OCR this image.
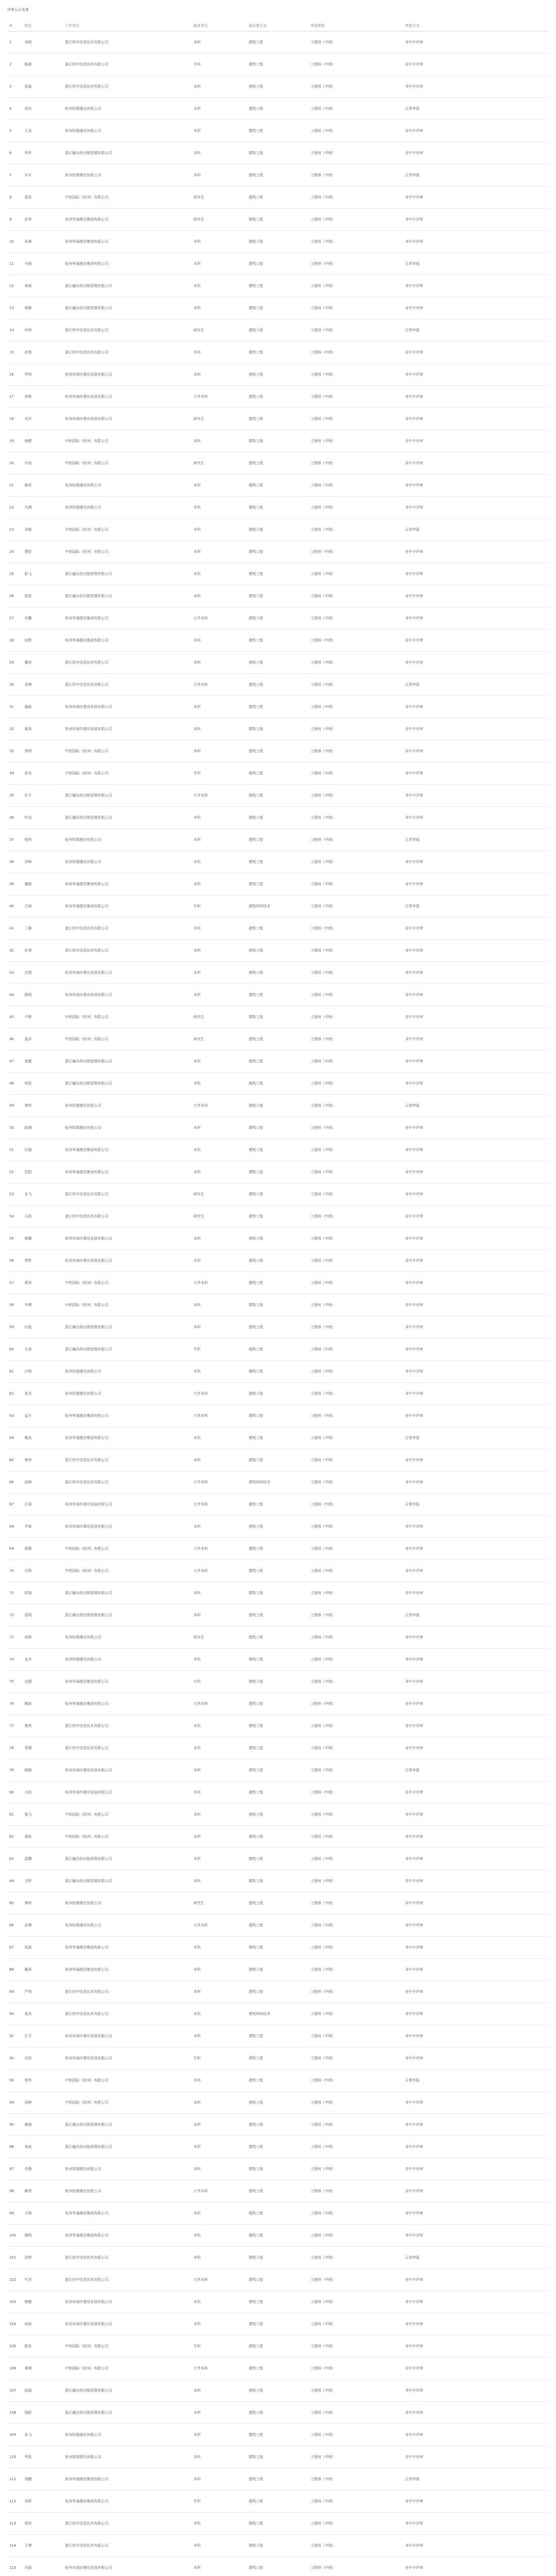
评审公示名单
#	姓名	工作单位	最高学历	现从事专业	申报职称	申报方式
1	刘明	浙江恒中信息技术有限公司	本科	建筑工程	工程师（中级）	非中介评审
2	陈超	浙江恒中信息技术有限公司	专科	建筑工程	工程师（中级）	非中介评审
3	张磊	浙江恒中信息技术有限公司	本科	建筑工程	工程师（中级）	非中介评审
4	周杰	杭州恒瑞建设有限公司	本科	建筑工程	工程师（中级）	正常申报
5	王涛	杭州恒瑞建设有限公司	本科	建筑工程	工程师（中级）	非中介评审
6	李军	浙江融达供应链管理有限公司	本科	建筑工程	工程师（中级）	非中介评审
7	吴平	杭州恒瑞建设有限公司	本科	建筑工程	工程师（中级）	正常申报
8	郑浩	中铝国际（杭州）有限公司	研究生	建筑工程	工程师（中级）	非中介评审
9	孙伟	杭州华通建设集团有限公司	研究生	建筑工程	工程师（中级）	非中介评审
10	朱峰	杭州华通建设集团有限公司	本科	建筑工程	工程师（中级）	非中介评审
11	马强	杭州华通建设集团有限公司	本科	建筑工程	工程师（中级）	正常申报
12	胡斌	浙江融达供应链管理有限公司	本科	建筑工程	工程师（中级）	非中介评审
13	林静	浙江融达供应链管理有限公司	本科	建筑工程	工程师（中级）	非中介评审
14	何勇	浙江恒中信息技术有限公司	研究生	建筑工程	工程师（中级）	正常申报
15	高翔	浙江恒中信息技术有限公司	本科	建筑工程	工程师（中级）	非中介评审
16	罗明	杭州市城市建设发展有限公司	本科	建筑工程	工程师（中级）	非中介评审
17	梁辉	杭州市城市建设发展有限公司	大学本科	建筑工程	工程师（中级）	非中介评审
18	宋洋	杭州市城市建设发展有限公司	研究生	建筑工程	工程师（中级）	非中介评审
19	唐健	中铝国际（杭州）有限公司	本科	建筑工程	工程师（中级）	非中介评审
20	许波	中铝国际（杭州）有限公司	研究生	建筑工程	工程师（中级）	非中介评审
21	韩亮	杭州恒瑞建设有限公司	本科	建筑工程	工程师（中级）	非中介评审
22	冯刚	杭州恒瑞建设有限公司	本科	建筑工程	工程师（中级）	非中介评审
23	邓超	中铝国际（杭州）有限公司	本科	建筑工程	工程师（中级）	正常申报
24	曹阳	中铝国际（杭州）有限公司	本科	建筑工程	工程师（中级）	非中介评审
25	彭飞	浙江融达供应链管理有限公司	本科	建筑工程	工程师（中级）	非中介评审
26	曾凯	浙江融达供应链管理有限公司	本科	建筑工程	工程师（中级）	非中介评审
27	肖鹏	杭州华通建设集团有限公司	大学本科	建筑工程	工程师（中级）	非中介评审
28	田野	杭州华通建设集团有限公司	本科	建筑工程	工程师（中级）	非中介评审
29	董帅	浙江恒中信息技术有限公司	本科	建筑工程	工程师（中级）	非中介评审
30	袁博	浙江恒中信息技术有限公司	大学本科	建筑工程	工程师（中级）	正常申报
31	潘磊	杭州市城市建设发展有限公司	本科	建筑工程	工程师（中级）	非中介评审
32	蒋涛	杭州市城市建设发展有限公司	本科	建筑工程	工程师（中级）	非中介评审
33	蔡明	中铝国际（杭州）有限公司	本科	建筑工程	工程师（中级）	非中介评审
34	余杰	中铝国际（杭州）有限公司	专科	建筑工程	工程师（中级）	非中介评审
35	杜平	浙江融达供应链管理有限公司	大学本科	建筑工程	工程师（中级）	非中介评审
36	叶浩	浙江融达供应链管理有限公司	本科	建筑工程	工程师（中级）	非中介评审
37	程伟	杭州恒瑞建设有限公司	本科	建筑工程	工程师（中级）	正常申报
38	苏峰	杭州恒瑞建设有限公司	本科	建筑工程	工程师（中级）	非中介评审
39	魏强	杭州华通建设集团有限公司	本科	建筑工程	工程师（中级）	非中介评审
40	吕斌	杭州华通建设集团有限公司	专科	建筑材料技术	工程师（中级）	正常申报
41	丁静	浙江恒中信息技术有限公司	本科	建筑工程	工程师（中级）	非中介评审
42	任勇	浙江恒中信息技术有限公司	本科	建筑工程	工程师（中级）	非中介评审
43	沈翔	杭州市城市建设发展有限公司	本科	建筑工程	工程师（中级）	非中介评审
44	姚明	杭州市城市建设发展有限公司	本科	建筑工程	工程师（中级）	非中介评审
45	卢辉	中铝国际（杭州）有限公司	研究生	建筑工程	工程师（中级）	非中介评审
46	姜洋	中铝国际（杭州）有限公司	研究生	建筑工程	工程师（中级）	非中介评审
47	崔健	浙江融达供应链管理有限公司	本科	建筑工程	工程师（中级）	非中介评审
48	钟波	浙江融达供应链管理有限公司	本科	建筑工程	工程师（中级）	非中介评审
49	谭亮	杭州恒瑞建设有限公司	大学本科	建筑工程	工程师（中级）	正常申报
50	陆刚	杭州恒瑞建设有限公司	本科	建筑工程	工程师（中级）	非中介评审
51	汪超	杭州华通建设集团有限公司	本科	建筑工程	工程师（中级）	非中介评审
52	范阳	杭州华通建设集团有限公司	本科	建筑工程	工程师（中级）	非中介评审
53	金飞	浙江恒中信息技术有限公司	研究生	建筑工程	工程师（中级）	非中介评审
54	石凯	浙江恒中信息技术有限公司	研究生	建筑工程	工程师（中级）	非中介评审
55	廖鹏	杭州市城市建设发展有限公司	本科	建筑工程	工程师（中级）	非中介评审
56	贾野	杭州市城市建设发展有限公司	本科	建筑工程	工程师（中级）	非中介评审
57	夏帅	中铝国际（杭州）有限公司	大学本科	建筑工程	工程师（中级）	非中介评审
58	韦博	中铝国际（杭州）有限公司	本科	建筑工程	工程师（中级）	非中介评审
59	付磊	浙江融达供应链管理有限公司	本科	建筑工程	工程师（中级）	非中介评审
60	方涛	浙江融达供应链管理有限公司	专科	建筑工程	工程师（中级）	非中介评审
61	白明	杭州恒瑞建设有限公司	本科	建筑工程	工程师（中级）	非中介评审
62	邹杰	杭州恒瑞建设有限公司	大学本科	建筑工程	工程师（中级）	非中介评审
63	孟平	杭州华通建设集团有限公司	大学本科	建筑工程	工程师（中级）	非中介评审
64	熊浩	杭州华通建设集团有限公司	本科	建筑工程	工程师（中级）	正常申报
65	秦伟	浙江恒中信息技术有限公司	本科	建筑工程	工程师（中级）	非中介评审
66	邱峰	浙江恒中信息技术有限公司	大学本科	建筑材料技术	工程师（中级）	非中介评审
67	江强	杭州市城市建设发展有限公司	大学本科	建筑工程	工程师（中级）	正常申报
68	尹斌	杭州市城市建设发展有限公司	本科	建筑工程	工程师（中级）	非中介评审
69	薛静	中铝国际（杭州）有限公司	大学本科	建筑工程	工程师（中级）	非中介评审
70	闫勇	中铝国际（杭州）有限公司	大学本科	建筑工程	工程师（中级）	非中介评审
71	段翔	浙江融达供应链管理有限公司	本科	建筑工程	工程师（中级）	非中介评审
72	雷明	浙江融达供应链管理有限公司	本科	建筑工程	工程师（中级）	正常申报
73	侯辉	杭州恒瑞建设有限公司	研究生	建筑工程	工程师（中级）	非中介评审
74	龙洋	杭州恒瑞建设有限公司	本科	建筑工程	工程师（中级）	非中介评审
75	史健	杭州华通建设集团有限公司	专科	建筑工程	工程师（中级）	非中介评审
76	陶波	杭州华通建设集团有限公司	大学本科	建筑工程	工程师（中级）	非中介评审
77	黎亮	浙江恒中信息技术有限公司	本科	建筑工程	工程师（中级）	非中介评审
78	贺刚	浙江恒中信息技术有限公司	本科	建筑工程	工程师（中级）	非中介评审
79	顾超	杭州市城市建设发展有限公司	本科	建筑工程	工程师（中级）	正常申报
80	毛阳	杭州市城市建设发展有限公司	本科	建筑工程	工程师（中级）	非中介评审
81	郝飞	中铝国际（杭州）有限公司	本科	建筑工程	工程师（中级）	非中介评审
82	龚凯	中铝国际（杭州）有限公司	本科	建筑工程	工程师（中级）	非中介评审
83	邵鹏	浙江融达供应链管理有限公司	本科	建筑工程	工程师（中级）	非中介评审
84	万野	浙江融达供应链管理有限公司	本科	建筑工程	工程师（中级）	非中介评审
85	覃帅	杭州恒瑞建设有限公司	研究生	建筑工程	工程师（中级）	非中介评审
86	武博	杭州恒瑞建设有限公司	大学本科	建筑工程	工程师（中级）	非中介评审
87	钱磊	杭州华通建设集团有限公司	本科	建筑工程	工程师（中级）	非中介评审
88	戴涛	杭州华通建设集团有限公司	本科	建筑工程	工程师（中级）	非中介评审
89	严明	浙江恒中信息技术有限公司	本科	建筑工程	工程师（中级）	非中介评审
90	莫杰	浙江恒中信息技术有限公司	本科	建筑材料技术	工程师（中级）	非中介评审
91	孔平	杭州市城市建设发展有限公司	本科	建筑工程	工程师（中级）	非中介评审
92	向浩	杭州市城市建设发展有限公司	专科	建筑工程	工程师（中级）	非中介评审
93	常伟	中铝国际（杭州）有限公司	本科	建筑工程	工程师（中级）	正常申报
94	汤峰	中铝国际（杭州）有限公司	本科	建筑工程	工程师（中级）	非中介评审
95	康强	浙江融达供应链管理有限公司	本科	建筑工程	工程师（中级）	非中介评审
96	易斌	浙江融达供应链管理有限公司	本科	建筑工程	工程师（中级）	非中介评审
97	乔静	杭州恒瑞建设有限公司	本科	建筑工程	工程师（中级）	非中介评审
98	赖勇	杭州恒瑞建设有限公司	大学本科	建筑工程	工程师（中级）	非中介评审
99	文翔	杭州华通建设集团有限公司	本科	建筑工程	工程师（中级）	非中介评审
100	施明	杭州华通建设集团有限公司	本科	建筑工程	工程师（中级）	非中介评审
101	洪辉	浙江恒中信息技术有限公司	本科	建筑工程	工程师（中级）	正常申报
102	牛洋	浙江恒中信息技术有限公司	大学本科	建筑工程	工程师（中级）	非中介评审
103	柳健	杭州市城市建设发展有限公司	本科	建筑工程	工程师（中级）	非中介评审
104	尚波	杭州市城市建设发展有限公司	本科	建筑工程	工程师（中级）	非中介评审
105	殷亮	中铝国际（杭州）有限公司	专科	建筑工程	工程师（中级）	非中介评审
106	黄刚	中铝国际（杭州）有限公司	大学本科	建筑工程	工程师（中级）	非中介评审
107	赵超	浙江融达供应链管理有限公司	本科	建筑工程	工程师（中级）	非中介评审
108	钱阳	浙江融达供应链管理有限公司	本科	建筑工程	工程师（中级）	非中介评审
109	孙飞	杭州恒瑞建设有限公司	本科	建筑工程	工程师（中级）	非中介评审
110	李凯	杭州恒瑞建设有限公司	本科	建筑工程	工程师（中级）	非中介评审
111	周鹏	杭州华通建设集团有限公司	本科	建筑工程	工程师（中级）	正常申报
112	吴野	杭州华通建设集团有限公司	专科	建筑工程	工程师（中级）	非中介评审
113	郑帅	浙江恒中信息技术有限公司	本科	建筑工程	工程师（中级）	非中介评审
114	王博	浙江恒中信息技术有限公司	本科	建筑工程	工程师（中级）	非中介评审
115	冯磊	杭州市城市建设发展有限公司	本科	建筑工程	工程师（中级）	非中介评审
